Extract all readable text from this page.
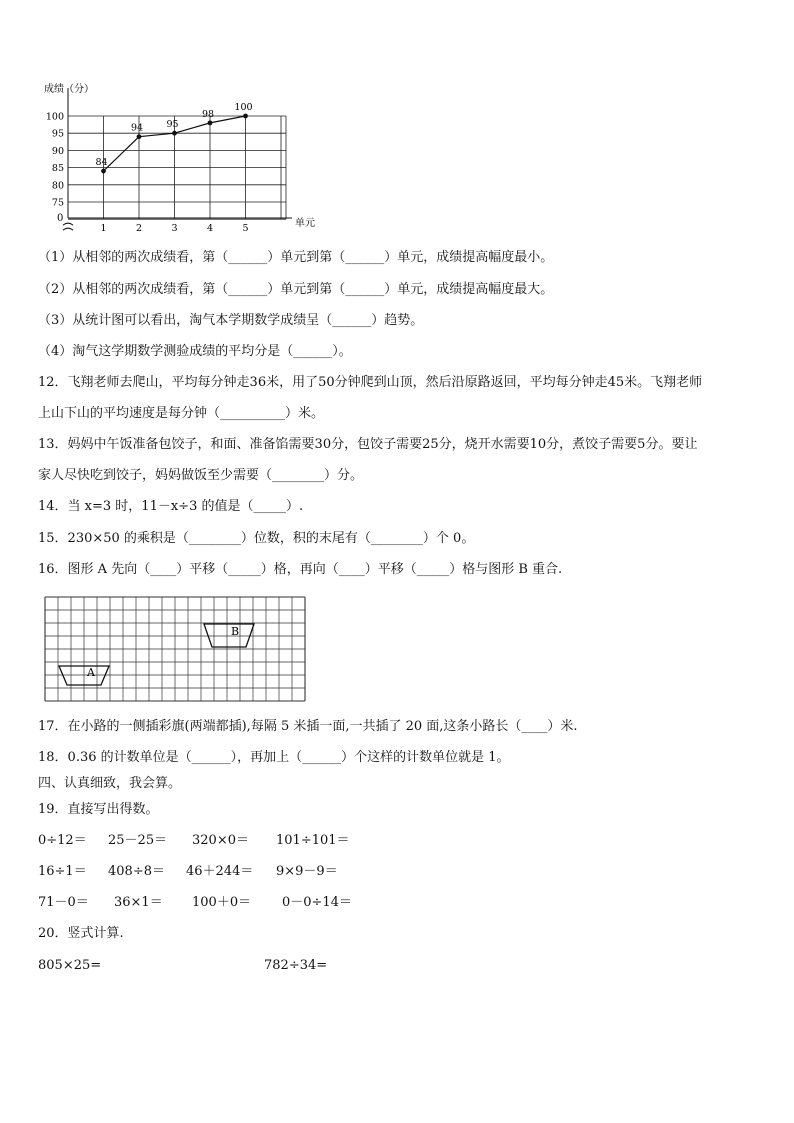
成绩（分）
100
95
90
85
80
75
1	2	3	4	5
84
94 95
98
100
单元
0
（1）从相邻的两次成绩看，第（______）单元到第（______）单元，成绩提高幅度最小。
（2）从相邻的两次成绩看，第（______）单元到第（______）单元，成绩提高幅度最大。
（3）从统计图可以看出，淘气本学期数学成绩呈（______）趋势。
（4）淘气这学期数学测验成绩的平均分是（______）。
12．飞翔老师去爬山，平均每分钟走36米，用了50分钟爬到山顶，然后沿原路返回，平均每分钟走45米。飞翔老师
上山下山的平均速度是每分钟（__________）米。
13．妈妈中午饭准备包饺子，和面、准备馅需要30分，包饺子需要25分，烧开水需要10分，煮饺子需要5分。要让
家人尽快吃到饺子，妈妈做饭至少需要（________）分。
14．当 x=3 时，11－x÷3 的值是（_____）.
15．230×50 的乘积是（________）位数，积的末尾有（________）个 0。
16．图形 A 先向（____）平移（_____）格，再向（____）平移（_____）格与图形 B 重合.
A
B
17．在小路的一侧插彩旗(两端都插),每隔 5 米插一面,一共插了 20 面,这条小路长（____）米.
18．0.36 的计数单位是（______），再加上（______）个这样的计数单位就是 1。
四、认真细致，我会算。
19．直接写出得数。
0÷12＝ 25－25＝ 320×0＝ 101÷101＝
16÷1＝ 408÷8＝ 46＋244＝ 9×9－9＝
71－0＝ 36×1＝ 100＋0＝ 0－0÷14＝
20．竖式计算.
805×25=	782÷34=
